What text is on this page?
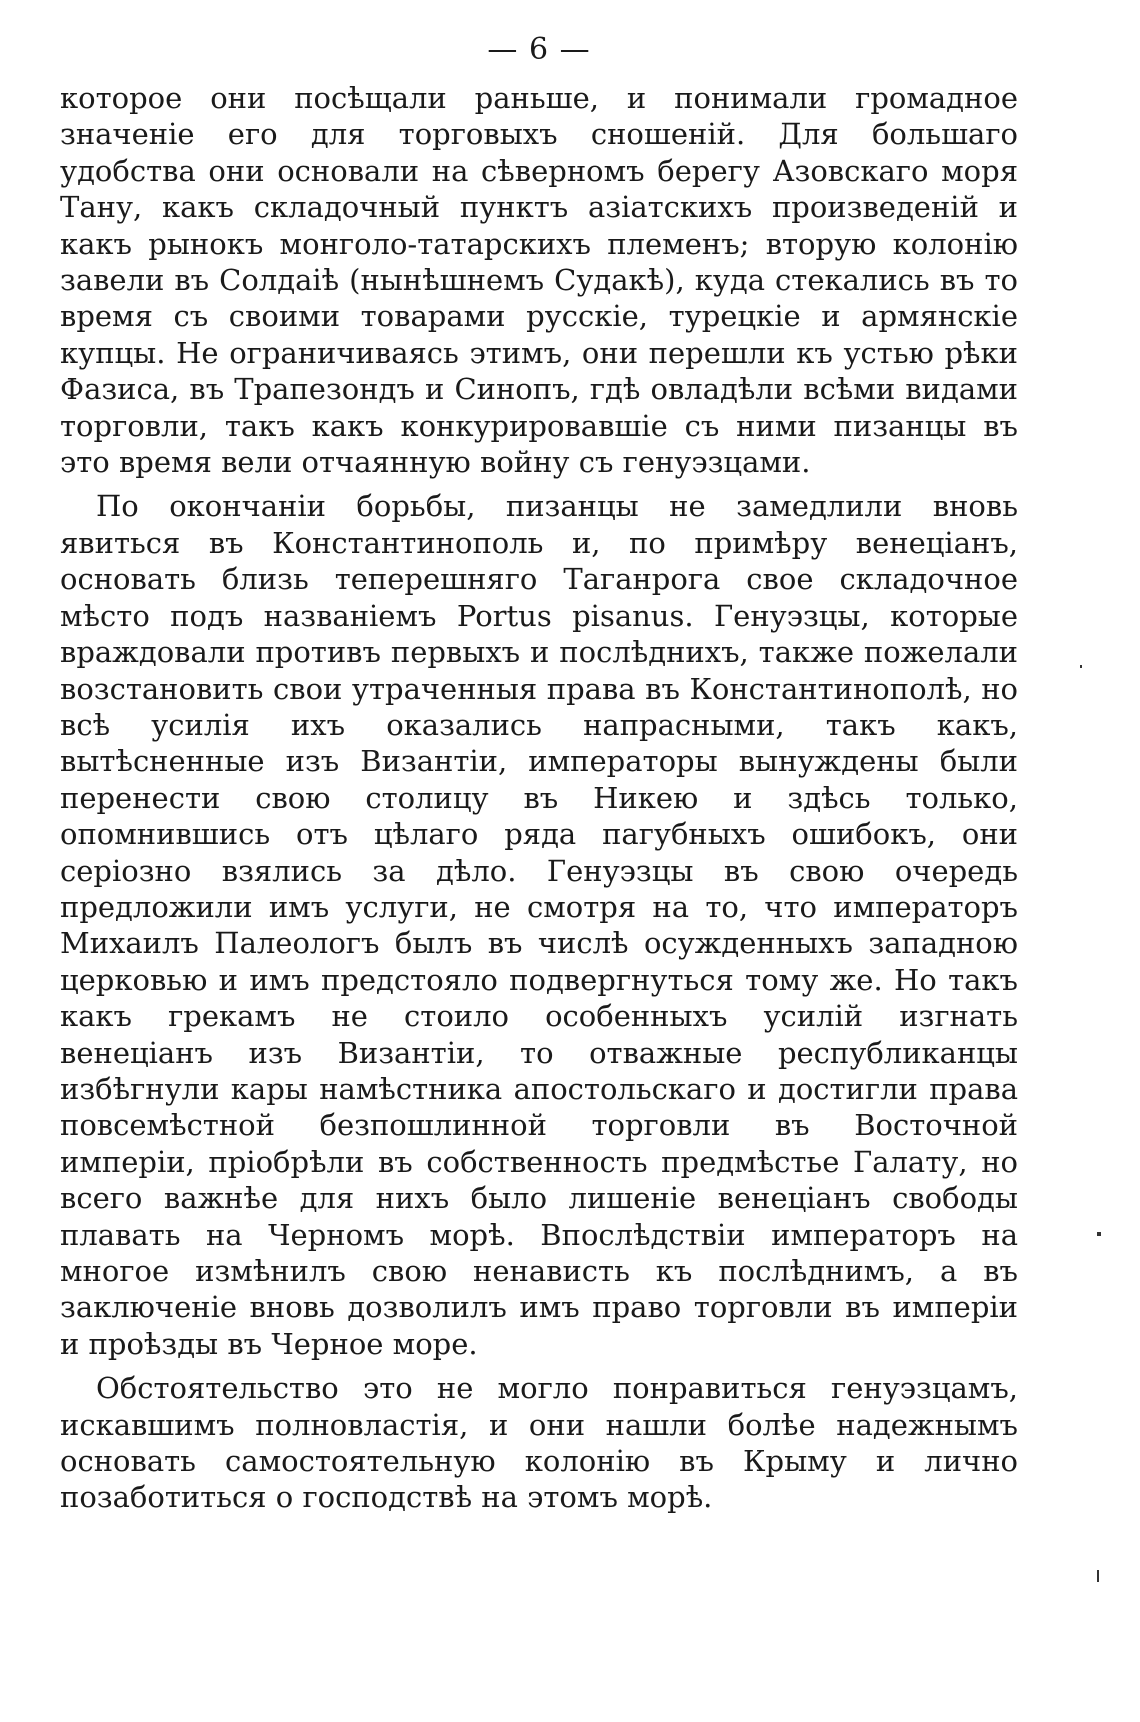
— 6 —

которое они посѣщали раньше, и понимали громадное значеніе его для торговыхъ сношеній. Для большаго удобства они основали на сѣверномъ берегу Азовскаго моря Тану, какъ складочный пунктъ азіатскихъ произведеній и какъ рынокъ монголо-татарскихъ племенъ; вторую колонію завели въ Солдаіѣ (нынѣшнемъ Судакѣ), куда стекались въ то время съ своими товарами русскіе, турецкіе и армянскіе купцы. Не ограничиваясь этимъ, они перешли къ устью рѣки Фазиса, въ Трапезондъ и Синопъ, гдѣ овладѣли всѣми видами торговли, такъ какъ конкурировавшіе съ ними пизанцы въ это время вели отчаянную войну съ генуэзцами.

По окончаніи борьбы, пизанцы не замедлили вновь явиться въ Константинополь и, по примѣру венеціанъ, основать близь теперешняго Таганрога свое складочное мѣсто подъ названіемъ Portus pisanus. Генуэзцы, которые враждовали противъ первыхъ и послѣднихъ, также пожелали возстановить свои утраченныя права въ Константинополѣ, но всѣ усилія ихъ оказались напрасными, такъ какъ, вытѣсненные изъ Византіи, императоры вынуждены были перенести свою столицу въ Никею и здѣсь только, опомнившись отъ цѣлаго ряда пагубныхъ ошибокъ, они серіозно взялись за дѣло. Генуэзцы въ свою очередь предложили имъ услуги, не смотря на то, что императоръ Михаилъ Палеологъ былъ въ числѣ осужденныхъ западною церковью и имъ предстояло подвергнуться тому же. Но такъ какъ грекамъ не стоило особенныхъ усилій изгнать венеціанъ изъ Византіи, то отважные республиканцы избѣгнули кары намѣстника апостольскаго и достигли права повсемѣстной безпошлинной торговли въ Восточной имперіи, пріобрѣли въ собственность предмѣстье Галату, но всего важнѣе для нихъ было лишеніе венеціанъ свободы плавать на Черномъ морѣ. Впослѣдствіи императоръ на многое измѣнилъ свою ненависть къ послѣднимъ, а въ заключеніе вновь дозволилъ имъ право торговли въ имперіи и проѣзды въ Черное море.

Обстоятельство это не могло понравиться генуэзцамъ, искавшимъ полновластія, и они нашли болѣе надежнымъ основать самостоятельную колонію въ Крыму и лично позаботиться о господствѣ на этомъ морѣ.
